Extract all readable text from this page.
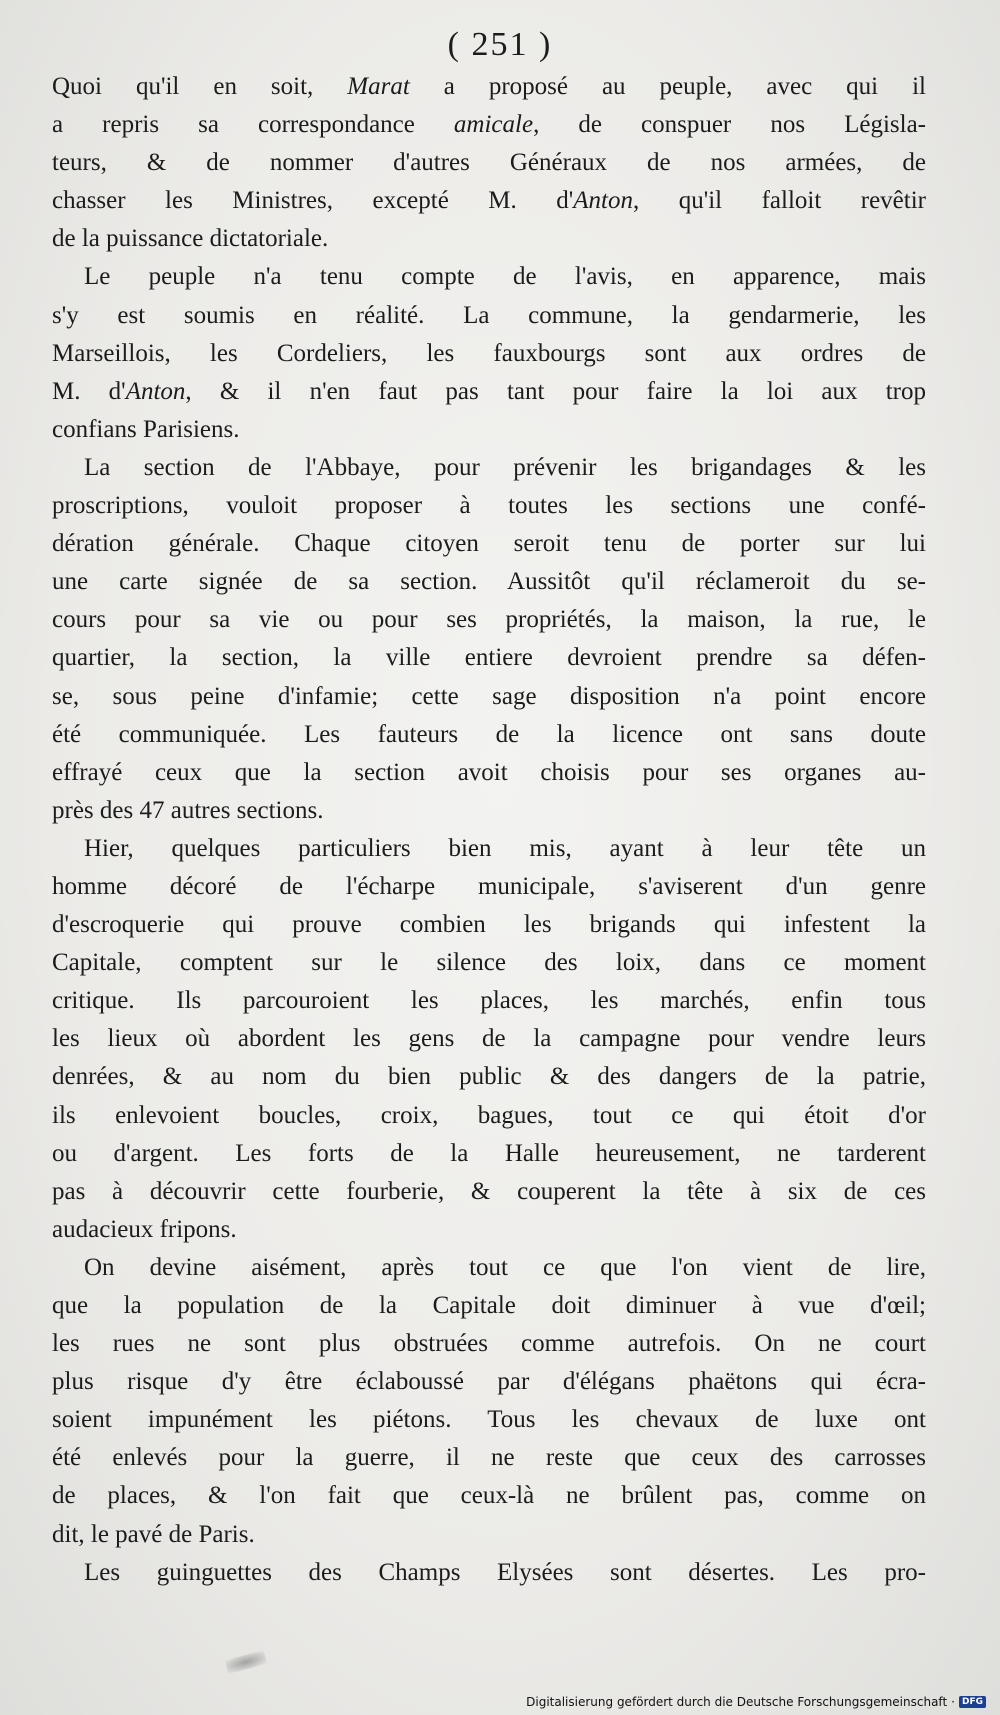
( 251 )
Quoi qu'il en soit, Marat a proposé au peuple, avec qui il
a repris sa correspondance amicale, de conspuer nos Législa-
teurs, & de nommer d'autres Généraux de nos armées, de
chasser les Ministres, excepté M. d'Anton, qu'il falloit revêtir
de la puissance dictatoriale.
Le peuple n'a tenu compte de l'avis, en apparence, mais
s'y est soumis en réalité. La commune, la gendarmerie, les
Marseillois, les Cordeliers, les fauxbourgs sont aux ordres de
M. d'Anton, & il n'en faut pas tant pour faire la loi aux trop
confians Parisiens.
La section de l'Abbaye, pour prévenir les brigandages & les
proscriptions, vouloit proposer à toutes les sections une confé-
dération générale. Chaque citoyen seroit tenu de porter sur lui
une carte signée de sa section. Aussitôt qu'il réclameroit du se-
cours pour sa vie ou pour ses propriétés, la maison, la rue, le
quartier, la section, la ville entiere devroient prendre sa défen-
se, sous peine d'infamie; cette sage disposition n'a point encore
été communiquée. Les fauteurs de la licence ont sans doute
effrayé ceux que la section avoit choisis pour ses organes au-
près des 47 autres sections.
Hier, quelques particuliers bien mis, ayant à leur tête un
homme décoré de l'écharpe municipale, s'aviserent d'un genre
d'escroquerie qui prouve combien les brigands qui infestent la
Capitale, comptent sur le silence des loix, dans ce moment
critique. Ils parcouroient les places, les marchés, enfin tous
les lieux où abordent les gens de la campagne pour vendre leurs
denrées, & au nom du bien public & des dangers de la patrie,
ils enlevoient boucles, croix, bagues, tout ce qui étoit d'or
ou d'argent. Les forts de la Halle heureusement, ne tarderent
pas à découvrir cette fourberie, & couperent la tête à six de ces
audacieux fripons.
On devine aisément, après tout ce que l'on vient de lire,
que la population de la Capitale doit diminuer à vue d'œil;
les rues ne sont plus obstruées comme autrefois. On ne court
plus risque d'y être éclaboussé par d'élégans phaëtons qui écra-
soient impunément les piétons. Tous les chevaux de luxe ont
été enlevés pour la guerre, il ne reste que ceux des carrosses
de places, & l'on fait que ceux-là ne brûlent pas, comme on
dit, le pavé de Paris.
Les guinguettes des Champs Elysées sont désertes. Les pro-
Digitalisierung gefördert durch die Deutsche Forschungsgemeinschaft · DFG
